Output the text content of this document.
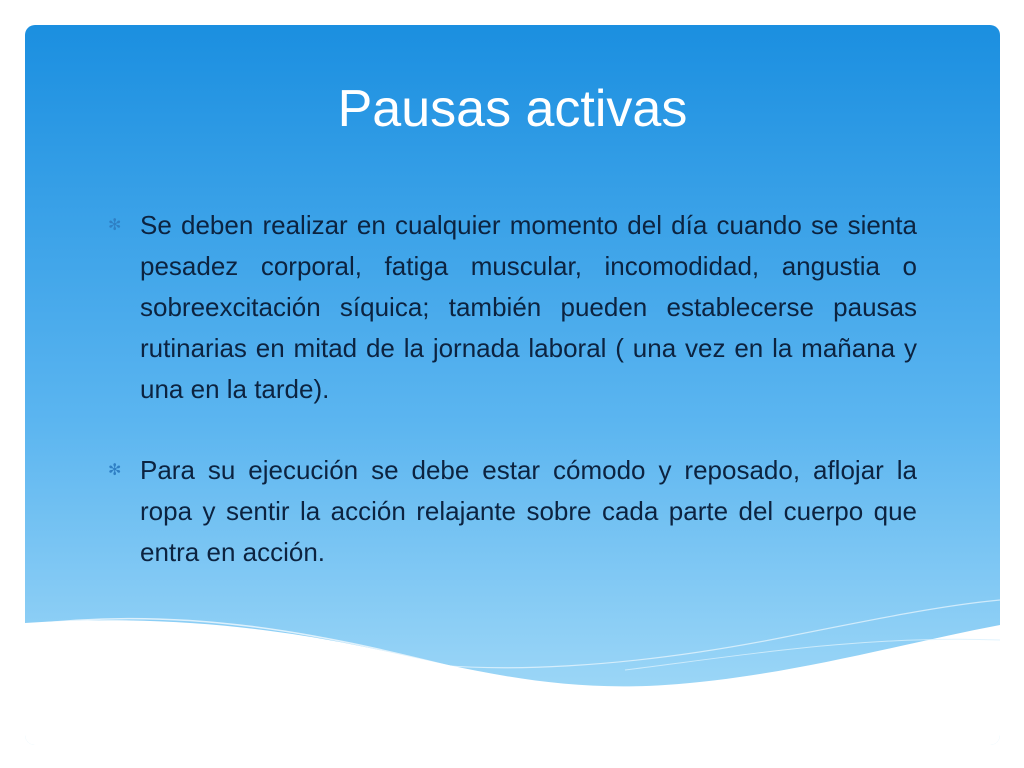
Pausas activas
✻ Se deben realizar en cualquier momento del día cuando se sienta pesadez corporal, fatiga muscular, incomodidad, angustia o sobreexcitación síquica; también pueden establecerse pausas rutinarias en mitad de la jornada laboral ( una vez en la mañana y una en la tarde).
✻ Para su ejecución se debe estar cómodo y reposado, aflojar la ropa y sentir la acción relajante sobre cada parte del cuerpo que entra en acción.
